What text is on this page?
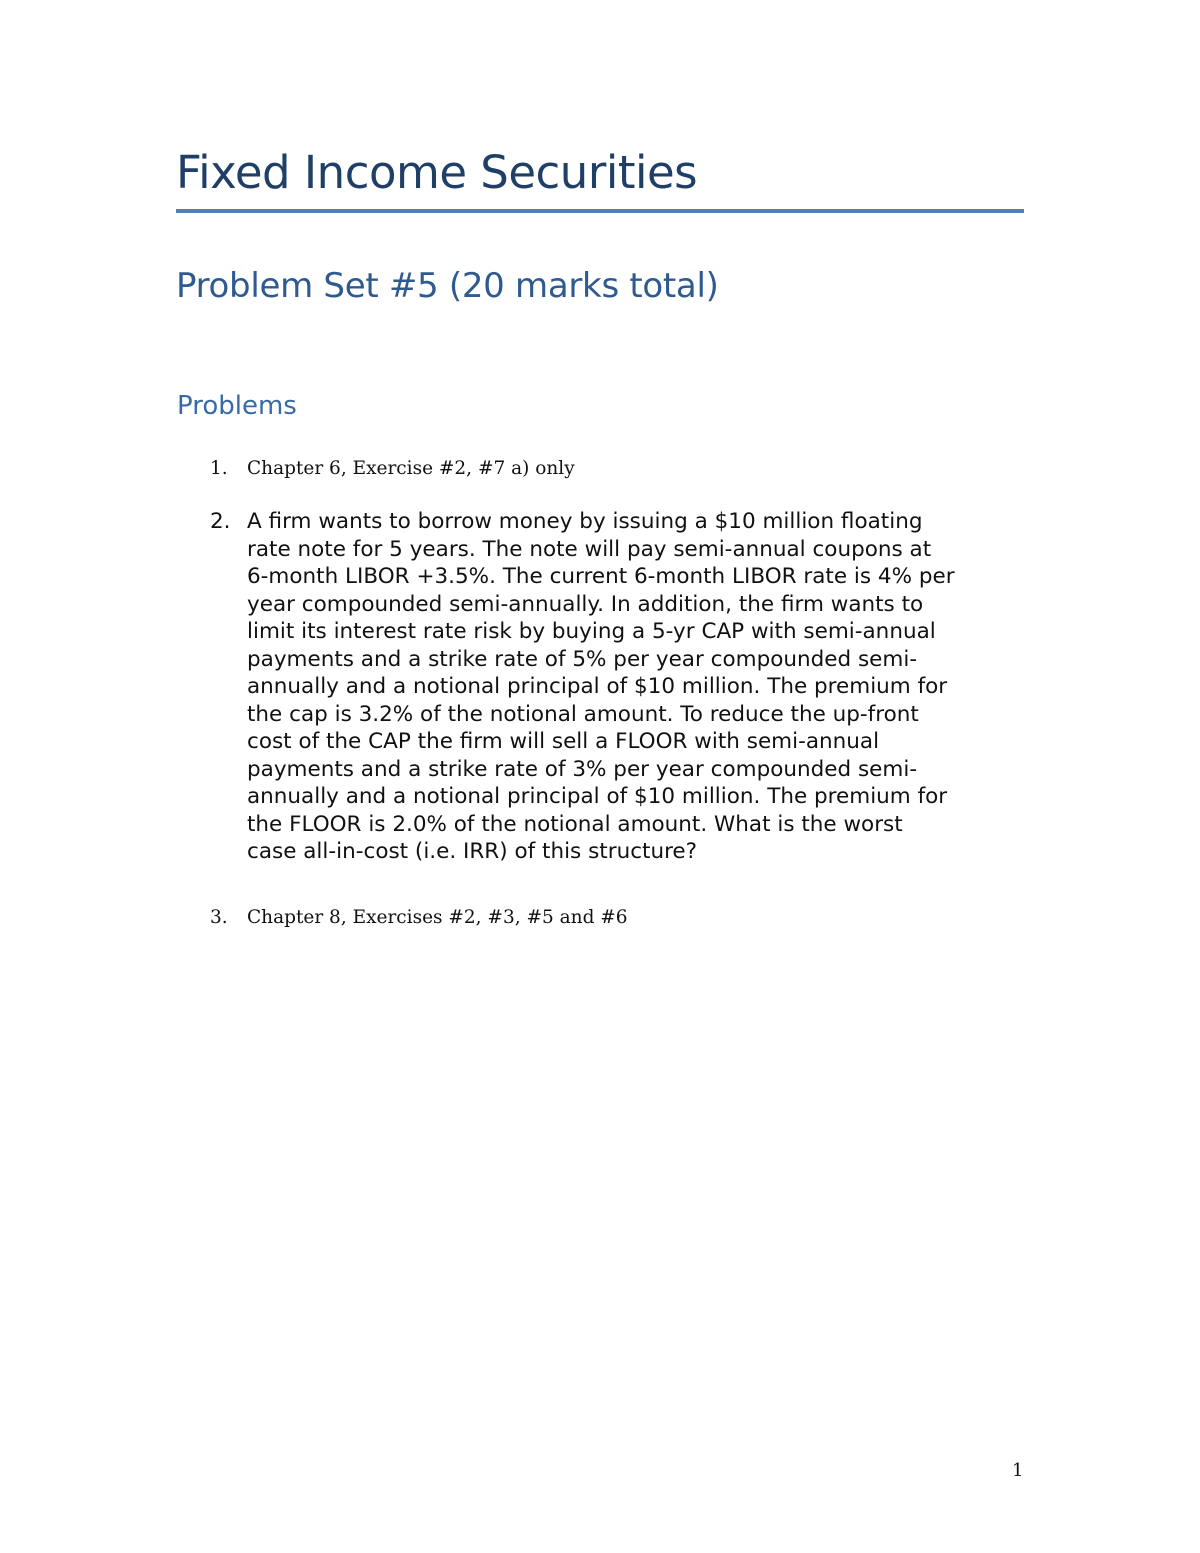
Fixed Income Securities
Problem Set #5 (20 marks total)
Problems
1. Chapter 6, Exercise #2, #7 a) only
2. A firm wants to borrow money by issuing a $10 million floating
rate note for 5 years. The note will pay semi-annual coupons at
6-month LIBOR +3.5%. The current 6-month LIBOR rate is 4% per
year compounded semi-annually. In addition, the firm wants to
limit its interest rate risk by buying a 5-yr CAP with semi-annual
payments and a strike rate of 5% per year compounded semi-
annually and a notional principal of $10 million. The premium for
the cap is 3.2% of the notional amount. To reduce the up-front
cost of the CAP the firm will sell a FLOOR with semi-annual
payments and a strike rate of 3% per year compounded semi-
annually and a notional principal of $10 million. The premium for
the FLOOR is 2.0% of the notional amount. What is the worst
case all-in-cost (i.e. IRR) of this structure?
3. Chapter 8, Exercises #2, #3, #5 and #6
1
